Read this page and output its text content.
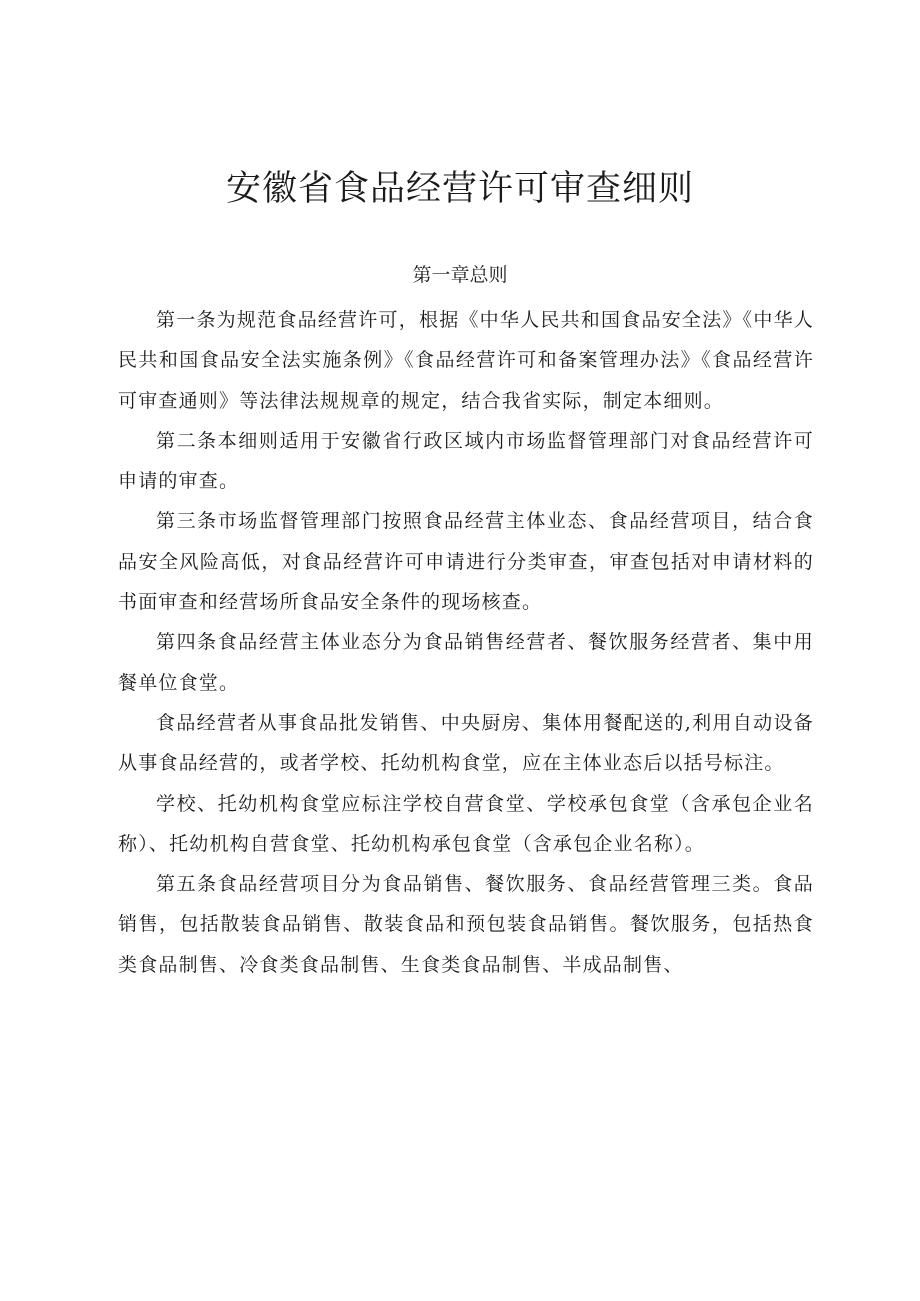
安徽省食品经营许可审查细则

第一章总则

第一条为规范食品经营许可，根据《中华人民共和国食品安全法》《中华人民共和国食品安全法实施条例》《食品经营许可和备案管理办法》《食品经营许可审查通则》等法律法规规章的规定，结合我省实际，制定本细则。

第二条本细则适用于安徽省行政区域内市场监督管理部门对食品经营许可申请的审查。

第三条市场监督管理部门按照食品经营主体业态、食品经营项目，结合食品安全风险高低，对食品经营许可申请进行分类审查，审查包括对申请材料的书面审查和经营场所食品安全条件的现场核查。

第四条食品经营主体业态分为食品销售经营者、餐饮服务经营者、集中用餐单位食堂。

食品经营者从事食品批发销售、中央厨房、集体用餐配送的,利用自动设备从事食品经营的，或者学校、托幼机构食堂，应在主体业态后以括号标注。

学校、托幼机构食堂应标注学校自营食堂、学校承包食堂（含承包企业名称）、托幼机构自营食堂、托幼机构承包食堂（含承包企业名称）。

第五条食品经营项目分为食品销售、餐饮服务、食品经营管理三类。食品销售，包括散装食品销售、散装食品和预包装食品销售。餐饮服务，包括热食类食品制售、冷食类食品制售、生食类食品制售、半成品制售、
